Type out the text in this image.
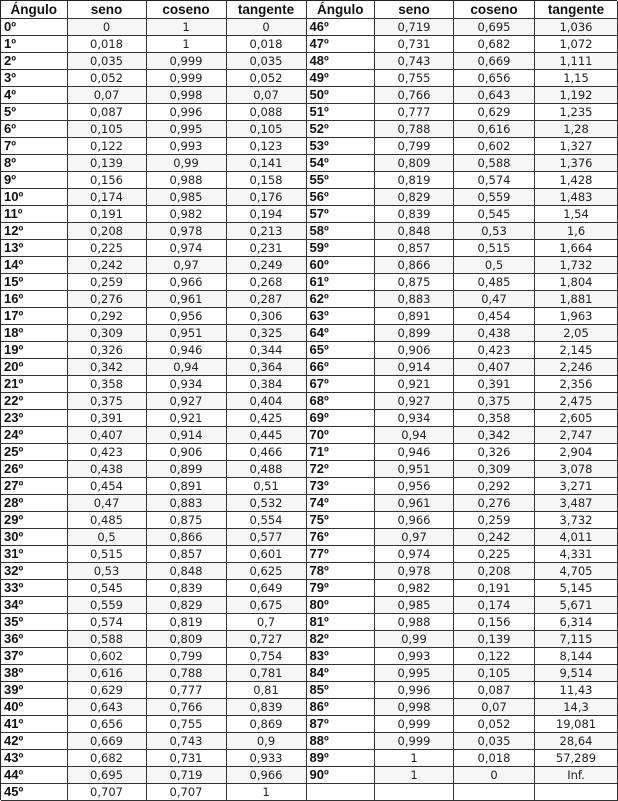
Ángulo	seno	coseno	tangente
0º	0	1	0
1º	0,018	1	0,018
2º	0,035	0,999	0,035
3º	0,052	0,999	0,052
4º	0,07	0,998	0,07
5º	0,087	0,996	0,088
6º	0,105	0,995	0,105
7º	0,122	0,993	0,123
8º	0,139	0,99	0,141
9º	0,156	0,988	0,158
10º	0,174	0,985	0,176
11º	0,191	0,982	0,194
12º	0,208	0,978	0,213
13º	0,225	0,974	0,231
14º	0,242	0,97	0,249
15º	0,259	0,966	0,268
16º	0,276	0,961	0,287
17º	0,292	0,956	0,306
18º	0,309	0,951	0,325
19º	0,326	0,946	0,344
20º	0,342	0,94	0,364
21º	0,358	0,934	0,384
22º	0,375	0,927	0,404
23º	0,391	0,921	0,425
24º	0,407	0,914	0,445
25º	0,423	0,906	0,466
26º	0,438	0,899	0,488
27º	0,454	0,891	0,51
28º	0,47	0,883	0,532
29º	0,485	0,875	0,554
30º	0,5	0,866	0,577
31º	0,515	0,857	0,601
32º	0,53	0,848	0,625
33º	0,545	0,839	0,649
34º	0,559	0,829	0,675
35º	0,574	0,819	0,7
36º	0,588	0,809	0,727
37º	0,602	0,799	0,754
38º	0,616	0,788	0,781
39º	0,629	0,777	0,81
40º	0,643	0,766	0,839
41º	0,656	0,755	0,869
42º	0,669	0,743	0,9
43º	0,682	0,731	0,933
44º	0,695	0,719	0,966
45º	0,707	0,707	1
Ángulo	seno	coseno	tangente
46º	0,719	0,695	1,036
47º	0,731	0,682	1,072
48º	0,743	0,669	1,111
49º	0,755	0,656	1,15
50º	0,766	0,643	1,192
51º	0,777	0,629	1,235
52º	0,788	0,616	1,28
53º	0,799	0,602	1,327
54º	0,809	0,588	1,376
55º	0,819	0,574	1,428
56º	0,829	0,559	1,483
57º	0,839	0,545	1,54
58º	0,848	0,53	1,6
59º	0,857	0,515	1,664
60º	0,866	0,5	1,732
61º	0,875	0,485	1,804
62º	0,883	0,47	1,881
63º	0,891	0,454	1,963
64º	0,899	0,438	2,05
65º	0,906	0,423	2,145
66º	0,914	0,407	2,246
67º	0,921	0,391	2,356
68º	0,927	0,375	2,475
69º	0,934	0,358	2,605
70º	0,94	0,342	2,747
71º	0,946	0,326	2,904
72º	0,951	0,309	3,078
73º	0,956	0,292	3,271
74º	0,961	0,276	3,487
75º	0,966	0,259	3,732
76º	0,97	0,242	4,011
77º	0,974	0,225	4,331
78º	0,978	0,208	4,705
79º	0,982	0,191	5,145
80º	0,985	0,174	5,671
81º	0,988	0,156	6,314
82º	0,99	0,139	7,115
83º	0,993	0,122	8,144
84º	0,995	0,105	9,514
85º	0,996	0,087	11,43
86º	0,998	0,07	14,3
87º	0,999	0,052	19,081
88º	0,999	0,035	28,64
89º	1	0,018	57,289
90º	1	0	Inf.
